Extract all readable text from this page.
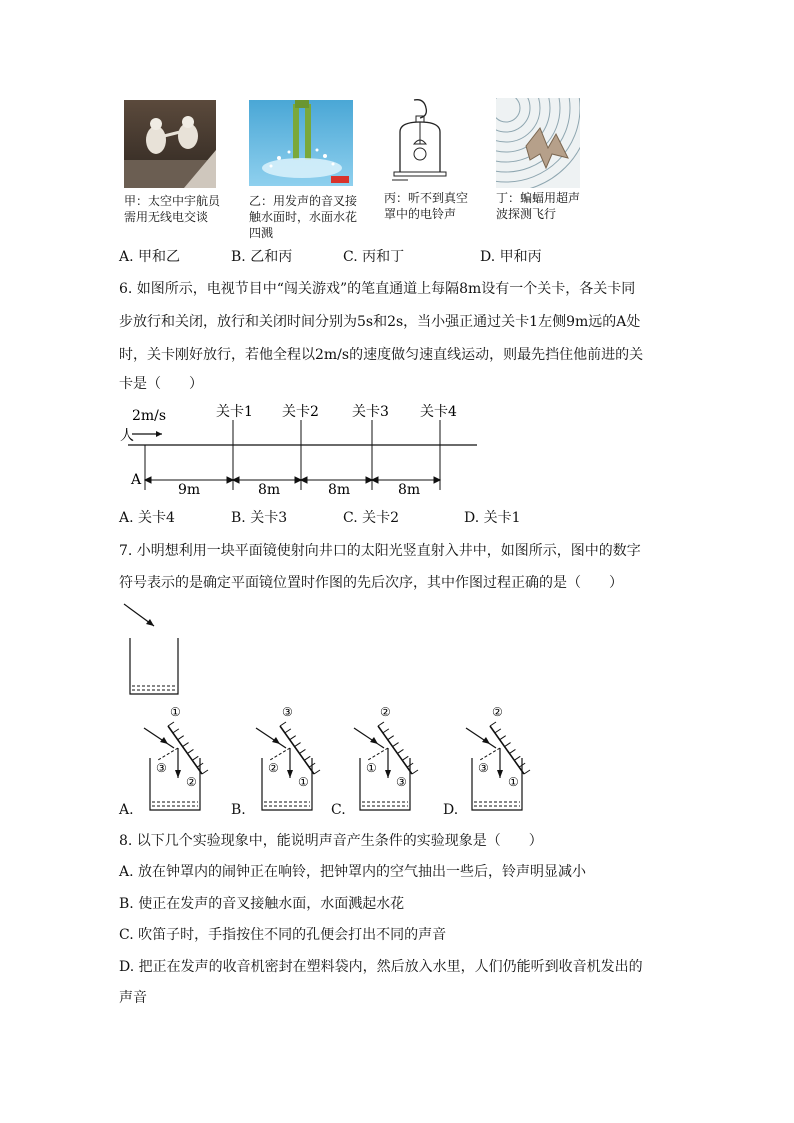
甲：太空中宇航员
需用无线电交谈
乙：用发声的音叉接
触水面时，水面水花
四溅
丙：听不到真空
罩中的电铃声
丁：蝙蝠用超声
波探测飞行
A. 甲和乙	B. 乙和丙	C. 丙和丁	D. 甲和丙
6. 如图所示，电视节目中“闯关游戏”的笔直通道上每隔8m设有一个关卡，各关卡同
步放行和关闭，放行和关闭时间分别为5s和2s，当小强正通过关卡1左侧9m远的A处
时，关卡刚好放行，若他全程以2m/s的速度做匀速直线运动，则最先挡住他前进的关
卡是（　　）
2m/s
人
关卡1 关卡2 关卡3 关卡4
A
9m	8m	8m	8m
A. 关卡4	B. 关卡3	C. 关卡2	D. 关卡1
7. 小明想利用一块平面镜使射向井口的太阳光竖直射入井中，如图所示，图中的数字
符号表示的是确定平面镜位置时作图的先后次序，其中作图过程正确的是（　　）
①
③
②
③
②
①
②
①
③
②
③
①
A.	B.	C.	D.
8. 以下几个实验现象中，能说明声音产生条件的实验现象是（　　）
A. 放在钟罩内的闹钟正在响铃，把钟罩内的空气抽出一些后，铃声明显减小
B. 使正在发声的音叉接触水面，水面溅起水花
C. 吹笛子时，手指按住不同的孔便会打出不同的声音
D. 把正在发声的收音机密封在塑料袋内，然后放入水里，人们仍能听到收音机发出的
声音
